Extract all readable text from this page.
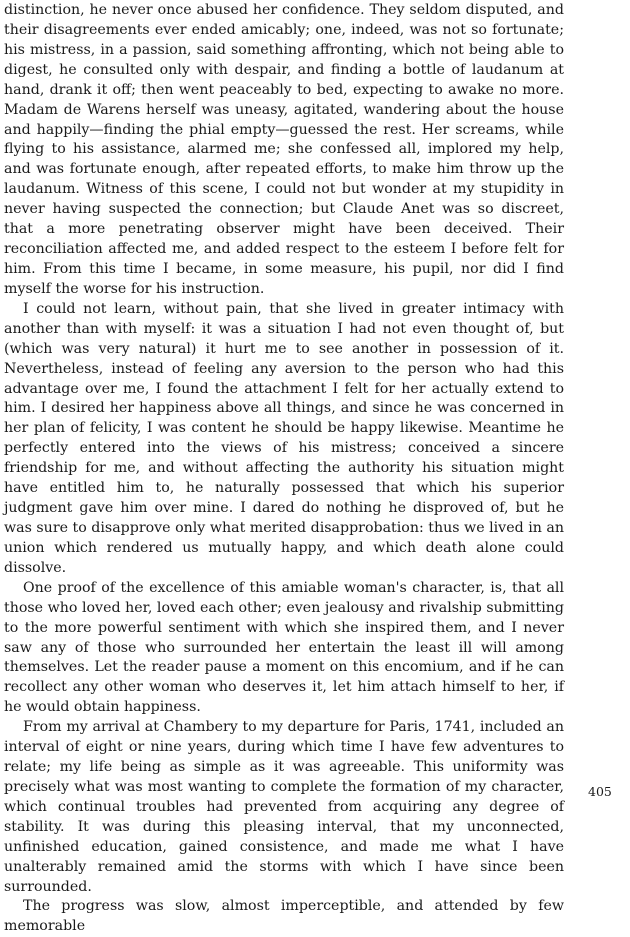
distinction, he never once abused her confidence. They seldom disputed, and their disagreements ever ended amicably; one, indeed, was not so fortunate; his mistress, in a passion, said something affronting, which not being able to digest, he consulted only with despair, and finding a bottle of laudanum at hand, drank it off; then went peaceably to bed, expecting to awake no more. Madam de Warens herself was uneasy, agitated, wandering about the house and happily—finding the phial empty—guessed the rest. Her screams, while flying to his assistance, alarmed me; she confessed all, implored my help, and was fortunate enough, after repeated efforts, to make him throw up the laudanum. Witness of this scene, I could not but wonder at my stupidity in never having suspected the connection; but Claude Anet was so discreet, that a more penetrating observer might have been deceived. Their reconciliation affected me, and added respect to the esteem I before felt for him. From this time I became, in some measure, his pupil, nor did I find myself the worse for his instruction.

I could not learn, without pain, that she lived in greater intimacy with another than with myself: it was a situation I had not even thought of, but (which was very natural) it hurt me to see another in possession of it. Nevertheless, instead of feeling any aversion to the person who had this advantage over me, I found the attachment I felt for her actually extend to him. I desired her happiness above all things, and since he was concerned in her plan of felicity, I was content he should be happy likewise. Meantime he perfectly entered into the views of his mistress; conceived a sincere friendship for me, and without affecting the authority his situation might have entitled him to, he naturally possessed that which his superior judgment gave him over mine. I dared do nothing he disproved of, but he was sure to disapprove only what merited disapprobation: thus we lived in an union which rendered us mutually happy, and which death alone could dissolve.

One proof of the excellence of this amiable woman's character, is, that all those who loved her, loved each other; even jealousy and rivalship submitting to the more powerful sentiment with which she inspired them, and I never saw any of those who surrounded her entertain the least ill will among themselves. Let the reader pause a moment on this encomium, and if he can recollect any other woman who deserves it, let him attach himself to her, if he would obtain happiness.

From my arrival at Chambery to my departure for Paris, 1741, included an interval of eight or nine years, during which time I have few adventures to relate; my life being as simple as it was agreeable. This uniformity was precisely what was most wanting to complete the formation of my character, which continual troubles had prevented from acquiring any degree of stability. It was during this pleasing interval, that my unconnected, unfinished education, gained consistence, and made me what I have unalterably remained amid the storms with which I have since been surrounded.

The progress was slow, almost imperceptible, and attended by few memorable

405
